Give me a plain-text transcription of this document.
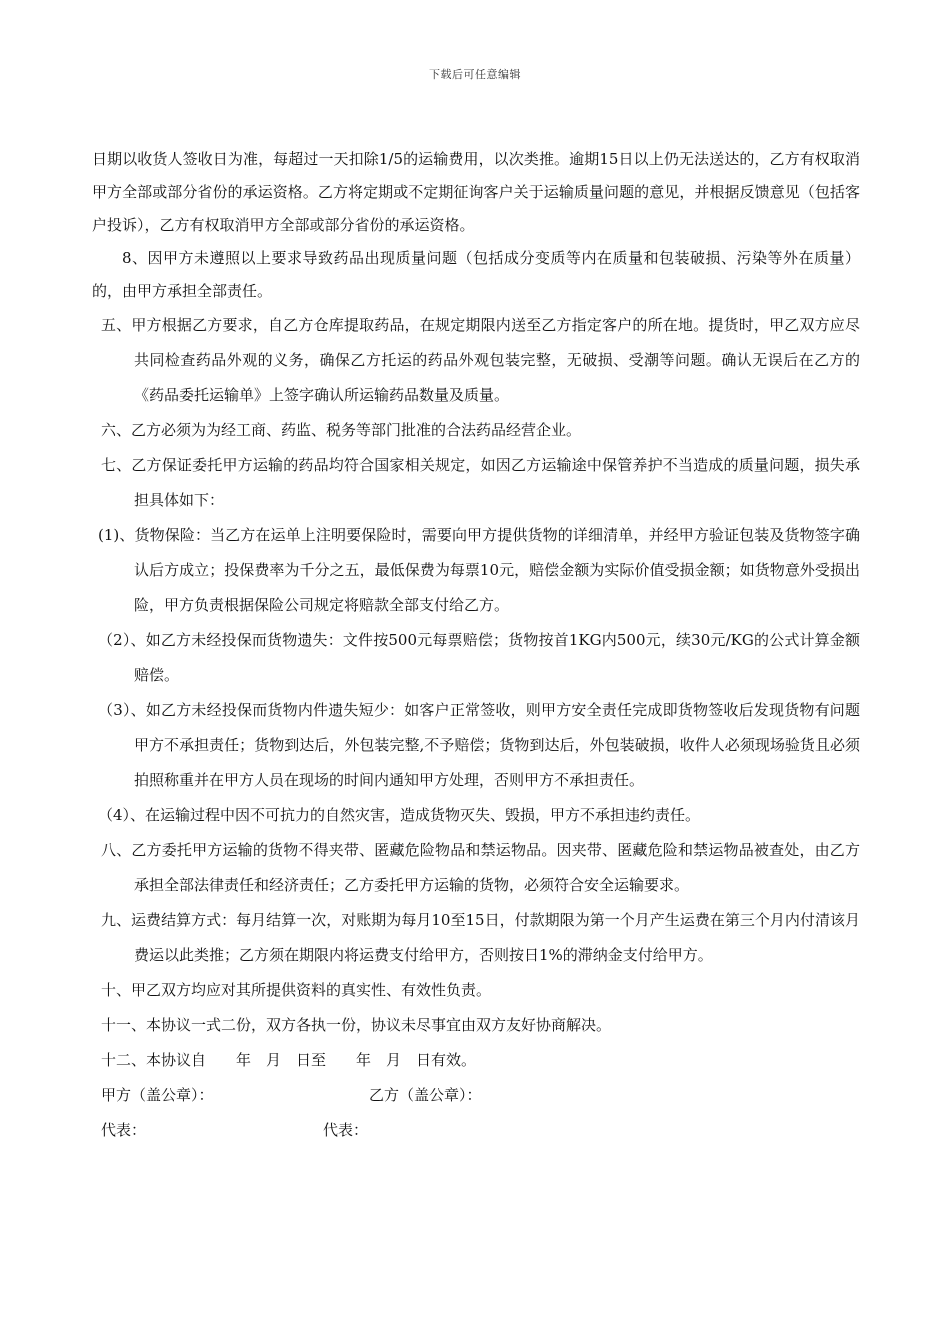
下载后可任意编辑

日期以收货人签收日为准，每超过一天扣除1/5的运输费用，以次类推。逾期15日以上仍无法送达的，乙方有权取消甲方全部或部分省份的承运资格。乙方将定期或不定期征询客户关于运输质量问题的意见，并根据反馈意见（包括客户投诉），乙方有权取消甲方全部或部分省份的承运资格。

8、因甲方未遵照以上要求导致药品出现质量问题（包括成分变质等内在质量和包装破损、污染等外在质量）的，由甲方承担全部责任。

五、甲方根据乙方要求，自乙方仓库提取药品，在规定期限内送至乙方指定客户的所在地。提货时，甲乙双方应尽共同检查药品外观的义务，确保乙方托运的药品外观包装完整，无破损、受潮等问题。确认无误后在乙方的《药品委托运输单》上签字确认所运输药品数量及质量。

六、乙方必须为为经工商、药监、税务等部门批准的合法药品经营企业。

七、乙方保证委托甲方运输的药品均符合国家相关规定，如因乙方运输途中保管养护不当造成的质量问题，损失承担具体如下：

(1)、货物保险：当乙方在运单上注明要保险时，需要向甲方提供货物的详细清单，并经甲方验证包装及货物签字确认后方成立；投保费率为千分之五，最低保费为每票10元，赔偿金额为实际价值受损金额；如货物意外受损出险，甲方负责根据保险公司规定将赔款全部支付给乙方。

（2）、如乙方未经投保而货物遗失：文件按500元每票赔偿；货物按首1KG内500元，续30元/KG的公式计算金额赔偿。

（3）、如乙方未经投保而货物内件遗失短少：如客户正常签收，则甲方安全责任完成即货物签收后发现货物有问题甲方不承担责任；货物到达后，外包装完整,不予赔偿；货物到达后，外包装破损，收件人必须现场验货且必须拍照称重并在甲方人员在现场的时间内通知甲方处理，否则甲方不承担责任。

（4）、在运输过程中因不可抗力的自然灾害，造成货物灭失、毁损，甲方不承担违约责任。

八、乙方委托甲方运输的货物不得夹带、匿藏危险物品和禁运物品。因夹带、匿藏危险和禁运物品被查处，由乙方承担全部法律责任和经济责任；乙方委托甲方运输的货物，必须符合安全运输要求。

九、运费结算方式：每月结算一次，对账期为每月10至15日，付款期限为第一个月产生运费在第三个月内付清该月费运以此类推；乙方须在期限内将运费支付给甲方，否则按日1%的滞纳金支付给甲方。

十、甲乙双方均应对其所提供资料的真实性、有效性负责。

十一、本协议一式二份，双方各执一份，协议未尽事宜由双方友好协商解决。

十二、本协议自　　年　月　日至　　年　月　日有效。

甲方（盖公章）：	乙方（盖公章）：
代表：	代表：
